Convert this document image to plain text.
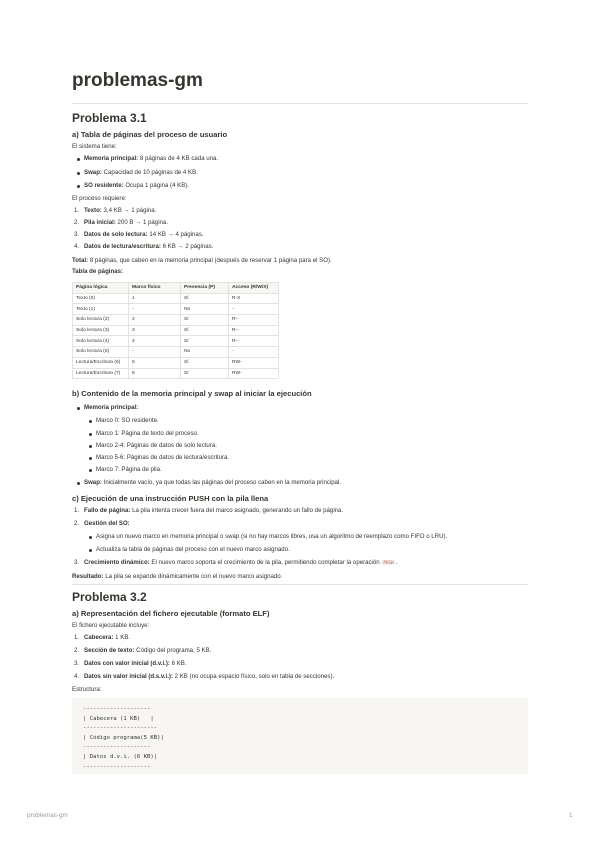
problemas-gm
Problema 3.1
a) Tabla de páginas del proceso de usuario

El sistema tiene:

Memoria principal: 8 páginas de 4 KB cada una.
Swap: Capacidad de 10 páginas de 4 KB.
SO residente: Ocupa 1 página (4 KB).

El proceso requiere:

1. Texto: 3,4 KB → 1 página.
2. Pila inicial: 200 B → 1 página.
3. Datos de solo lectura: 14 KB → 4 páginas.
4. Datos de lectura/escritura: 6 KB → 2 páginas.

Total: 8 páginas, que caben en la memoria principal (después de reservar 1 página para el SO).

Tabla de páginas:

Página lógica	Marco físico	Presencia (P)	Acceso (R/W/X)
Texto (0)	1	Sí	R-X
Texto (1)	-	No	-
Solo lectura (2)	2	Sí	R--
Solo lectura (3)	3	Sí	R--
Solo lectura (4)	4	Sí	R--
Solo lectura (5)	-	No	-
Lectura/Escritura (6)	5	Sí	RW-
Lectura/Escritura (7)	6	Sí	RW-
b) Contenido de la memoria principal y swap al iniciar la ejecución
Memoria principal:
Marco 0: SO residente.
Marco 1: Página de texto del proceso.
Marco 2-4: Páginas de datos de solo lectura.
Marco 5-6: Páginas de datos de lectura/escritura.
Marco 7: Página de pila.
Swap: Inicialmente vacío, ya que todas las páginas del proceso caben en la memoria principal.
c) Ejecución de una instrucción PUSH con la pila llena
1. Fallo de página: La pila intenta crecer fuera del marco asignado, generando un fallo de página.
2. Gestión del SO:
Asigna un nuevo marco en memoria principal o swap (si no hay marcos libres, usa un algoritmo de reemplazo como FIFO o LRU).
Actualiza la tabla de páginas del proceso con el nuevo marco asignado.
3. Crecimiento dinámico: El nuevo marco soporta el crecimiento de la pila, permitiendo completar la operación PUSH .

Resultado: La pila se expande dinámicamente con el nuevo marco asignado.

Problema 3.2
a) Representación del fichero ejecutable (formato ELF)

El fichero ejecutable incluye:

1. Cabecera: 1 KB.
2. Sección de texto: Código del programa, 5 KB.
3. Datos con valor inicial (d.v.i.): 6 KB.
4. Datos sin valor inicial (d.s.v.i.): 2 KB (no ocupa espacio físico, solo en tabla de secciones).

Estructura:

--------------------
| Cabecera (1 KB)   |
----------------------
| Código programa(5 KB)|
--------------------
| Datos d.v.i. (6 KB)|
--------------------
problemas-gm	1
